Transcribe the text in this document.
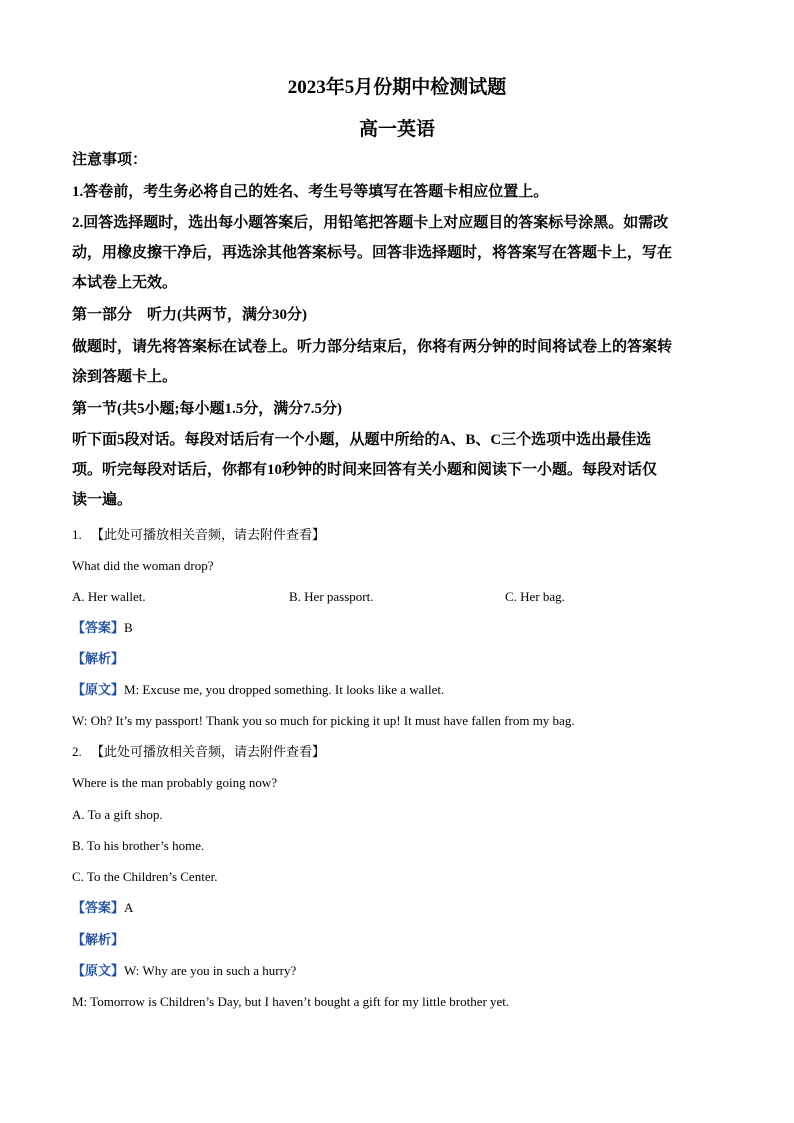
2023年5月份期中检测试题
高一英语
注意事项：
1.答卷前，考生务必将自己的姓名、考生号等填写在答题卡相应位置上。
2.回答选择题时，选出每小题答案后，用铅笔把答题卡上对应题目的答案标号涂黑。如需改
动，用橡皮擦干净后，再选涂其他答案标号。回答非选择题时，将答案写在答题卡上，写在
本试卷上无效。
第一部分　听力(共两节，满分30分)
做题时，请先将答案标在试卷上。听力部分结束后，你将有两分钟的时间将试卷上的答案转
涂到答题卡上。
第一节(共5小题;每小题1.5分，满分7.5分)
听下面5段对话。每段对话后有一个小题，从题中所给的A、B、C三个选项中选出最佳选
项。听完每段对话后，你都有10秒钟的时间来回答有关小题和阅读下一小题。每段对话仅
读一遍。
1. 【此处可播放相关音频，请去附件查看】
What did the woman drop?
A. Her wallet.	B. Her passport.	C. Her bag.
【答案】B
【解析】
【原文】M: Excuse me, you dropped something. It looks like a wallet.
W: Oh? It’s my passport! Thank you so much for picking it up! It must have fallen from my bag.
2. 【此处可播放相关音频，请去附件查看】
Where is the man probably going now?
A. To a gift shop.
B. To his brother’s home.
C. To the Children’s Center.
【答案】A
【解析】
【原文】W: Why are you in such a hurry?
M: Tomorrow is Children’s Day, but I haven’t bought a gift for my little brother yet.
